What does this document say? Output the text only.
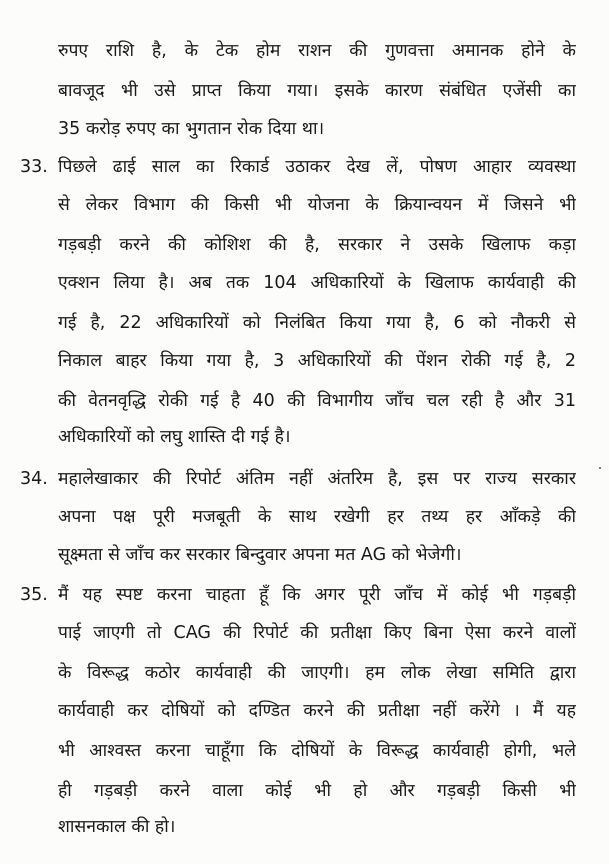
रुपए राशि है, के टेक होम राशन की गुणवत्ता अमानक होने के
बावजूद भी उसे प्राप्त किया गया। इसके कारण संबंधित एजेंसी का
35 करोड़ रुपए का भुगतान रोक दिया था।
33. पिछले ढाई साल का रिकार्ड उठाकर देख लें, पोषण आहार व्यवस्था
से लेकर विभाग की किसी भी योजना के क्रियान्वयन में जिसने भी
गड़बड़ी करने की कोशिश की है, सरकार ने उसके खिलाफ कड़ा
एक्शन लिया है। अब तक 104 अधिकारियों के खिलाफ कार्यवाही की
गई है, 22 अधिकारियों को निलंबित किया गया है, 6 को नौकरी से
निकाल बाहर किया गया है, 3 अधिकारियों की पेंशन रोकी गई है, 2
की वेतनवृद्धि रोकी गई है 40 की विभागीय जाँच चल रही है और 31
अधिकारियों को लघु शास्ति दी गई है।
34. महालेखाकार की रिपोर्ट अंतिम नहीं अंतरिम है, इस पर राज्य सरकार
अपना पक्ष पूरी मजबूती के साथ रखेगी हर तथ्य हर आँकड़े की
सूक्ष्मता से जाँच कर सरकार बिन्दुवार अपना मत AG को भेजेगी।
35. मैं यह स्पष्ट करना चाहता हूँ कि अगर पूरी जाँच में कोई भी गड़बड़ी
पाई जाएगी तो CAG की रिपोर्ट की प्रतीक्षा किए बिना ऐसा करने वालों
के विरूद्ध कठोर कार्यवाही की जाएगी। हम लोक लेखा समिति द्वारा
कार्यवाही कर दोषियों को दण्डित करने की प्रतीक्षा नहीं करेंगे । मैं यह
भी आश्वस्त करना चाहूँगा कि दोषियों के विरूद्ध कार्यवाही होगी, भले
ही गड़बड़ी करने वाला कोई भी हो और गड़बड़ी किसी भी
शासनकाल की हो।
